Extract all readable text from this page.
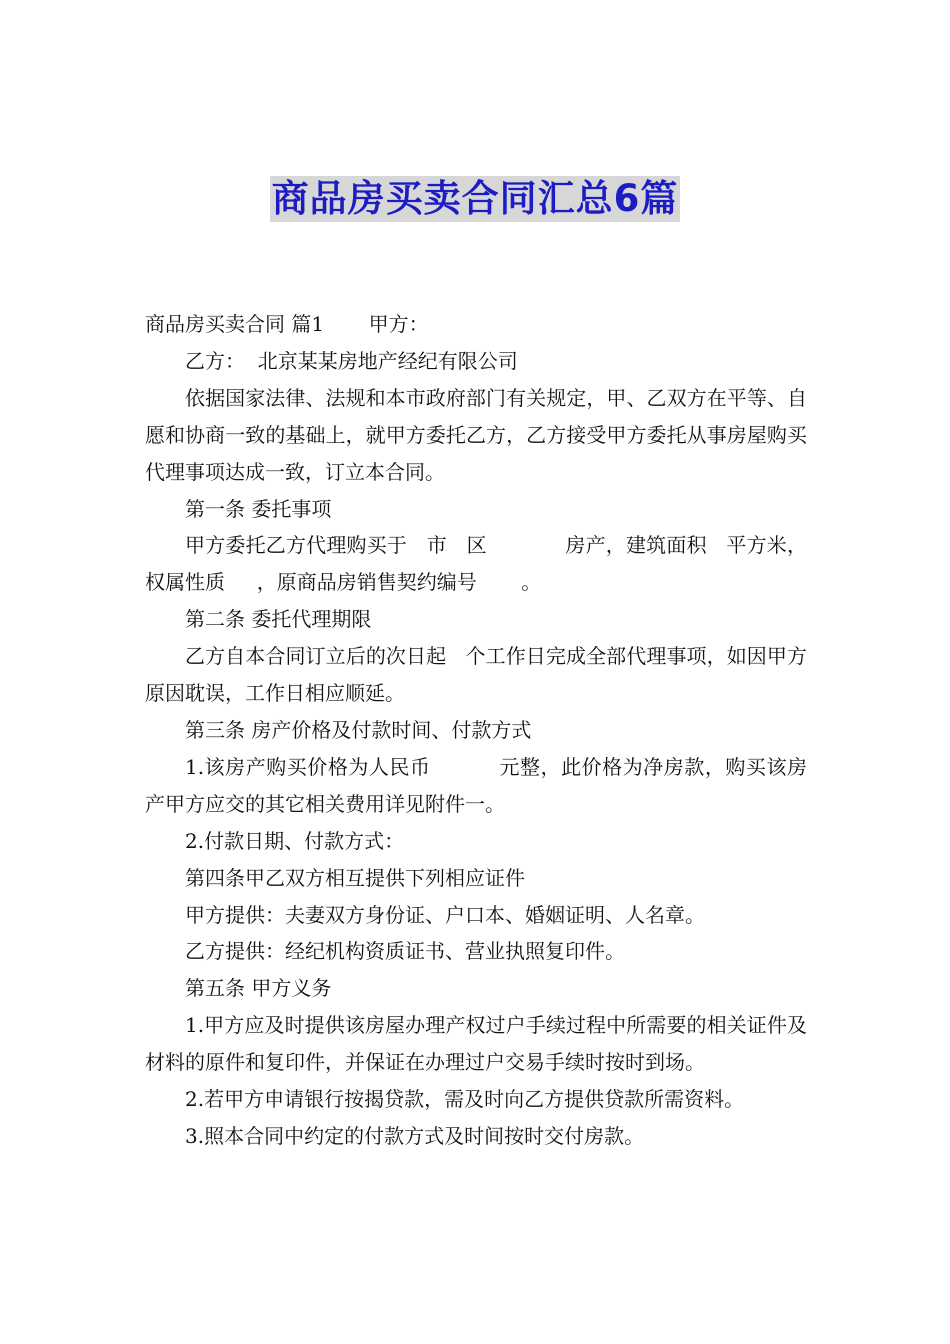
商品房买卖合同汇总6篇

商品房买卖合同 篇1 甲方：

乙方：  北京某某房地产经纪有限公司

依据国家法律、法规和本市政府部门有关规定，甲、乙双方在平等、自愿和协商一致的基础上，就甲方委托乙方，乙方接受甲方委托从事房屋购买代理事项达成一致，订立本合同。

第一条 委托事项

甲方委托乙方代理购买于   市   区            房产，建筑面积   平方米，权属性质     ，原商品房销售契约编号       。

第二条 委托代理期限

乙方自本合同订立后的次日起   个工作日完成全部代理事项，如因甲方原因耽误，工作日相应顺延。

第三条 房产价格及付款时间、付款方式

1.该房产购买价格为人民币          元整，此价格为净房款，购买该房产甲方应交的其它相关费用详见附件一。

2.付款日期、付款方式：

第四条甲乙双方相互提供下列相应证件

甲方提供：夫妻双方身份证、户口本、婚姻证明、人名章。

乙方提供：经纪机构资质证书、营业执照复印件。

第五条 甲方义务

1.甲方应及时提供该房屋办理产权过户手续过程中所需要的相关证件及材料的原件和复印件，并保证在办理过户交易手续时按时到场。

2.若甲方申请银行按揭贷款，需及时向乙方提供贷款所需资料。

3.照本合同中约定的付款方式及时间按时交付房款。
